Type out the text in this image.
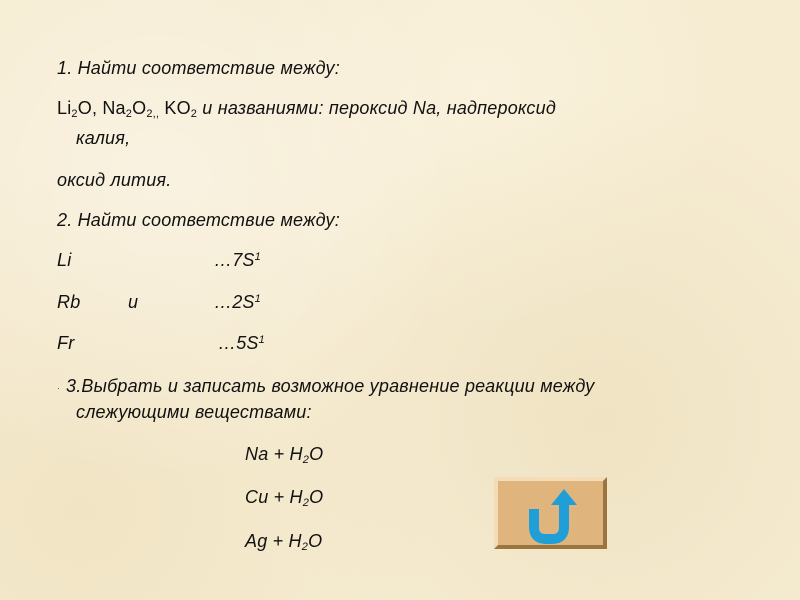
1. Найти соответствие между:
$Li_2O$, $Na_2O_{2,,}$ $KO_2$ и названиями: пероксид Na, надпероксид
калия,
оксид лития.
2. Найти соответствие между:
Li
Rb
Fr
и
$\dots 7S^1$
$\dots 2S^1$
$\dots 5S^1$
· 3.Выбрать и записать возможное уравнение реакции между
слежующими веществами:
$Na + H_2O$
$Cu + H_2O$
$Ag + H_2O$
